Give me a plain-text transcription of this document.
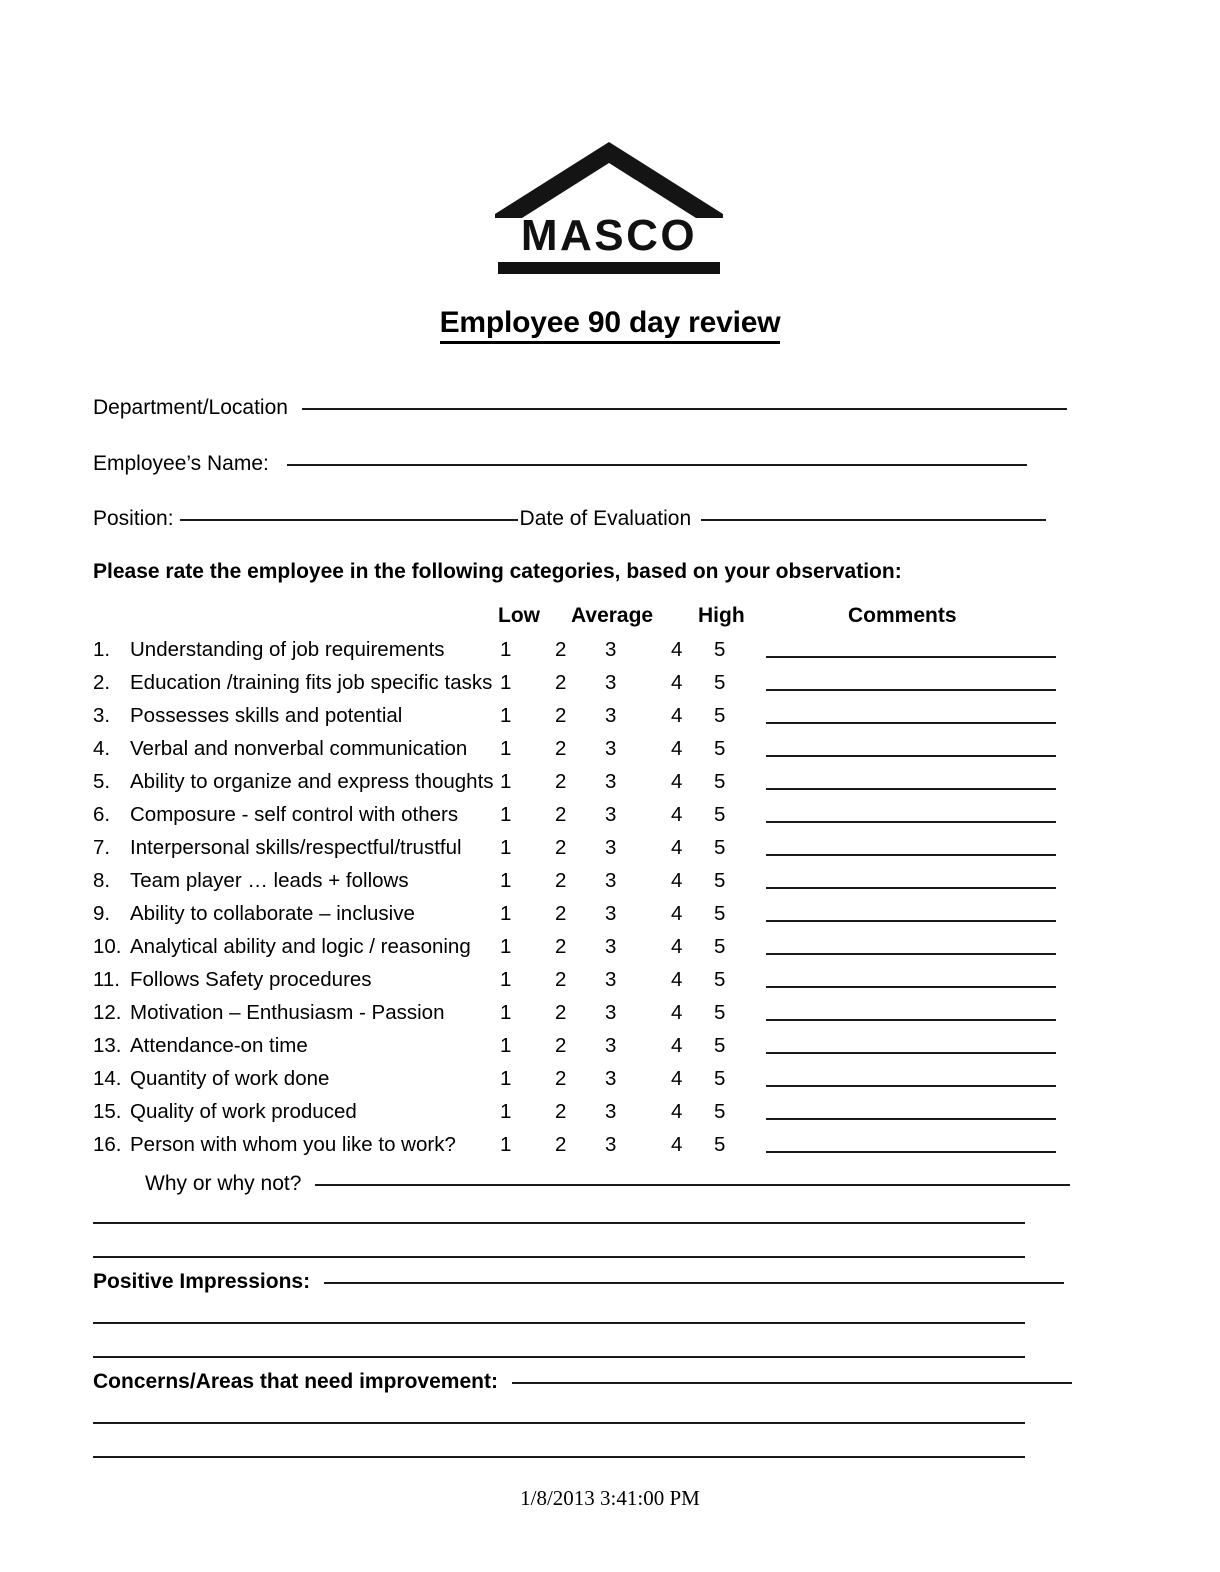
MASCO
Employee 90 day review
Department/Location
Employee’s Name:
Position:	Date of Evaluation
Please rate the employee in the following categories, based on your observation:
Low Average High	Comments
1. Understanding of job requirements	1 2 3	4 5
2. Education /training fits job specific tasks 1 2 3	4 5
3. Possesses skills and potential	1 2 3	4 5
4. Verbal and nonverbal communication 1 2 3	4 5
5. Ability to organize and express thoughts 1 2 3	4 5
6. Composure - self control with others 1 2 3	4 5
7. Interpersonal skills/respectful/trustful 1 2 3	4 5
8. Team player … leads + follows	1 2 3	4 5
9. Ability to collaborate – inclusive	1 2 3	4 5
10. Analytical ability and logic / reasoning 1 2 3	4 5
11. Follows Safety procedures	1 2 3	4 5
12. Motivation – Enthusiasm - Passion	1 2 3	4 5
13. Attendance-on time	1 2 3	4 5
14. Quantity of work done	1 2 3	4 5
15. Quality of work produced	1 2 3	4 5
16. Person with whom you like to work? 1 2 3	4 5
Why or why not?
Positive Impressions:
Concerns/Areas that need improvement:
1/8/2013 3:41:00 PM
